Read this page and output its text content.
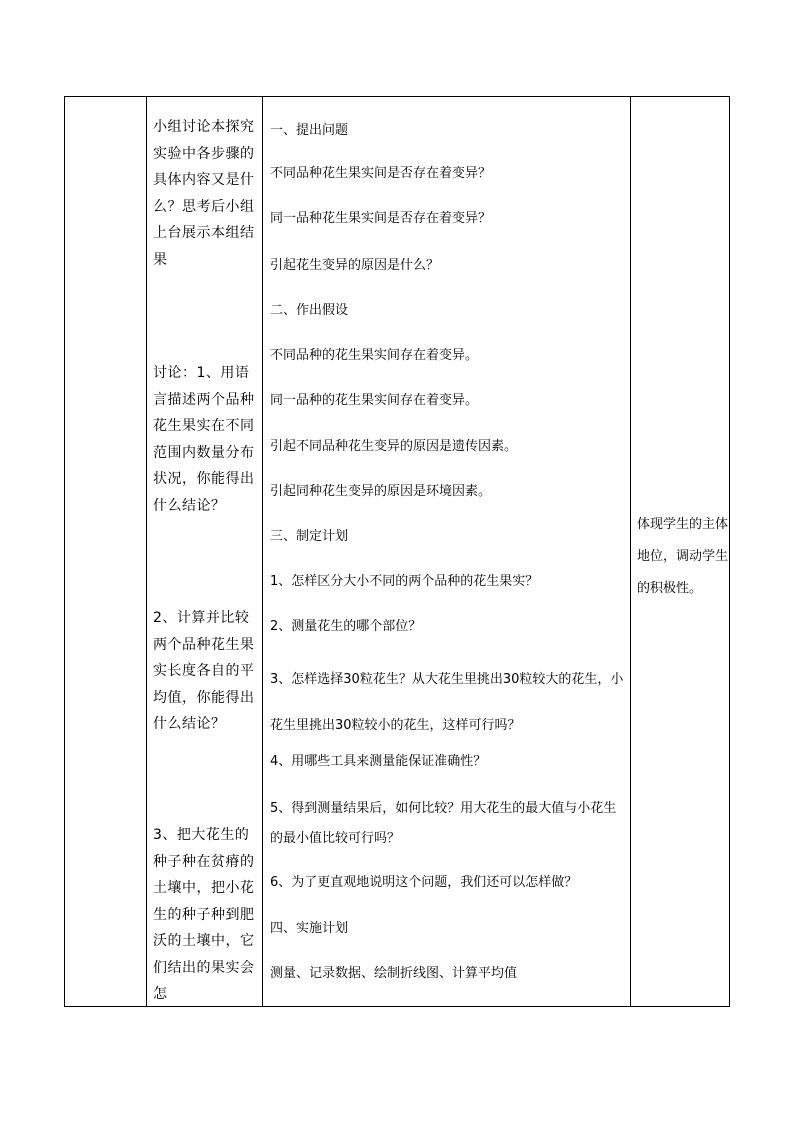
小组讨论本探究实验中各步骤的具体内容又是什么？思考后小组上台展示本组结果
讨论：1、用语言描述两个品种花生果实在不同范围内数量分布状况，你能得出什么结论？
2、计算并比较两个品种花生果实长度各自的平均值，你能得出什么结论？
3、把大花生的种子种在贫瘠的土壤中，把小花生的种子种到肥沃的土壤中，它们结出的果实会怎
一、提出问题
不同品种花生果实间是否存在着变异？
同一品种花生果实间是否存在着变异？
引起花生变异的原因是什么？
二、作出假设
不同品种的花生果实间存在着变异。
同一品种的花生果实间存在着变异。
引起不同品种花生变异的原因是遗传因素。
引起同种花生变异的原因是环境因素。
三、制定计划
1、怎样区分大小不同的两个品种的花生果实？
2、测量花生的哪个部位？
3、怎样选择30粒花生？从大花生里挑出30粒较大的花生，小花生里挑出30粒较小的花生，这样可行吗？
4、用哪些工具来测量能保证准确性？
5、得到测量结果后，如何比较？用大花生的最大值与小花生的最小值比较可行吗？
6、为了更直观地说明这个问题，我们还可以怎样做？
四、实施计划
测量、记录数据、绘制折线图、计算平均值
体现学生的主体地位，调动学生的积极性。
